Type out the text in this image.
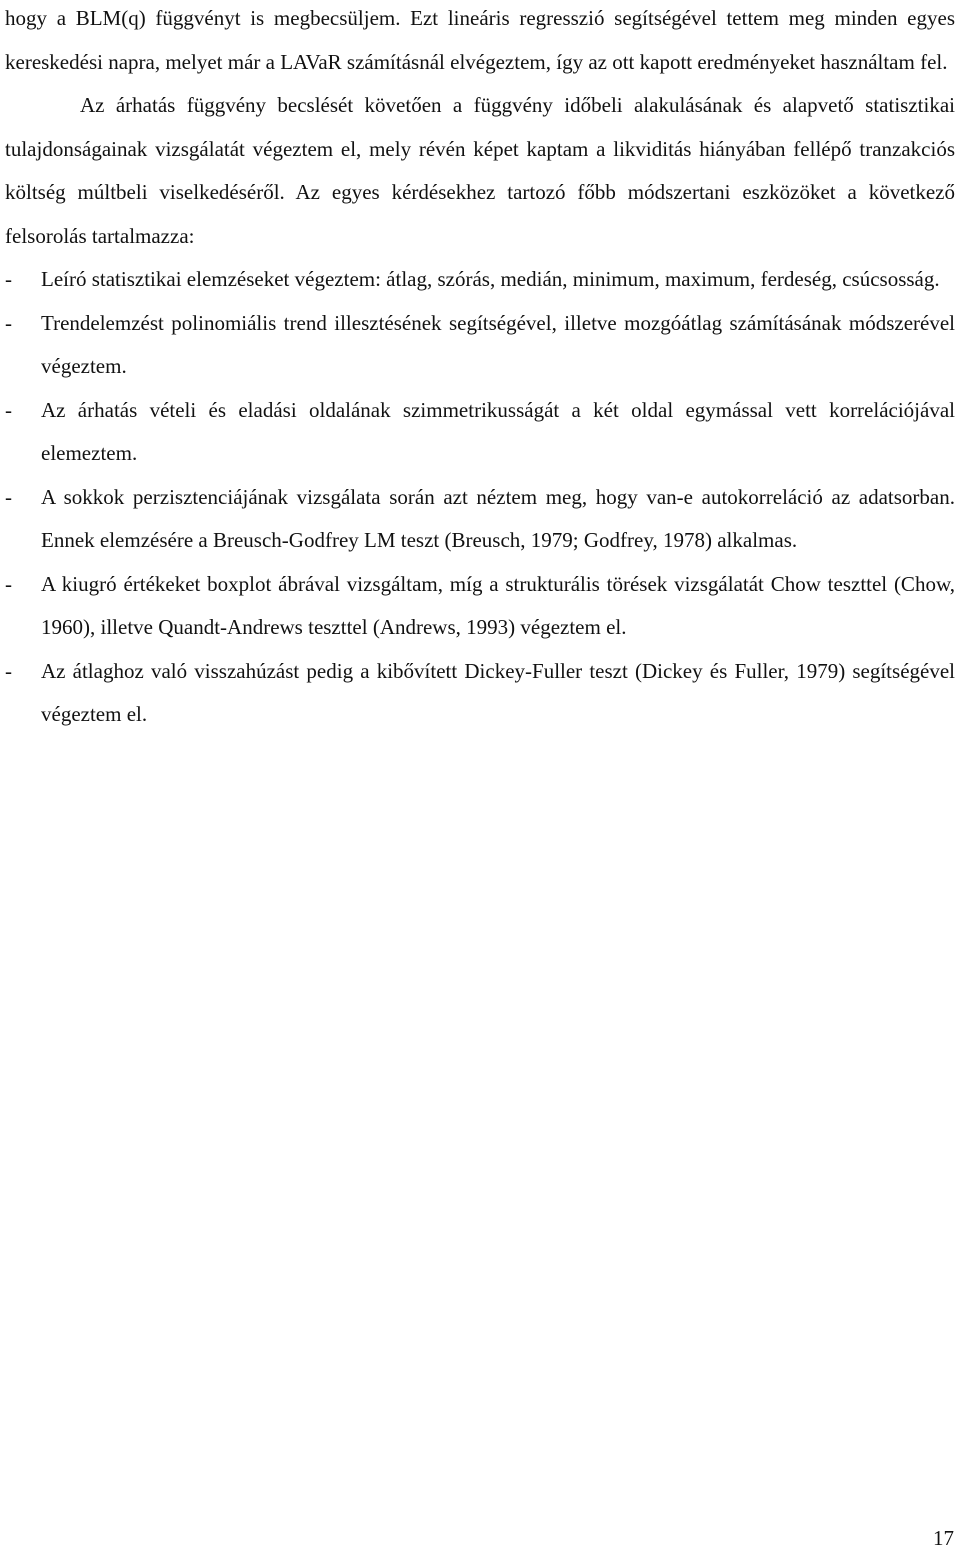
hogy a BLM(q) függvényt is megbecsüljem. Ezt lineáris regresszió segítségével tettem meg minden egyes kereskedési napra, melyet már a LAVaR számításnál elvégeztem, így az ott kapott eredményeket használtam fel.

Az árhatás függvény becslését követően a függvény időbeli alakulásának és alapvető statisztikai tulajdonságainak vizsgálatát végeztem el, mely révén képet kaptam a likviditás hiányában fellépő tranzakciós költség múltbeli viselkedéséről. Az egyes kérdésekhez tartozó főbb módszertani eszközöket a következő felsorolás tartalmazza:

-	Leíró statisztikai elemzéseket végeztem: átlag, szórás, medián, minimum, maximum, ferdeség, csúcsosság.
-	Trendelemzést polinomiális trend illesztésének segítségével, illetve mozgóátlag számításának módszerével végeztem.
-	Az árhatás vételi és eladási oldalának szimmetrikusságát a két oldal egymással vett korrelációjával elemeztem.
-	A sokkok perzisztenciájának vizsgálata során azt néztem meg, hogy van-e autokorreláció az adatsorban. Ennek elemzésére a Breusch-Godfrey LM teszt (Breusch, 1979; Godfrey, 1978) alkalmas.
-	A kiugró értékeket boxplot ábrával vizsgáltam, míg a strukturális törések vizsgálatát Chow teszttel (Chow, 1960), illetve Quandt-Andrews teszttel (Andrews, 1993) végeztem el.
-	Az átlaghoz való visszahúzást pedig a kibővített Dickey-Fuller teszt (Dickey és Fuller, 1979) segítségével végeztem el.
17
